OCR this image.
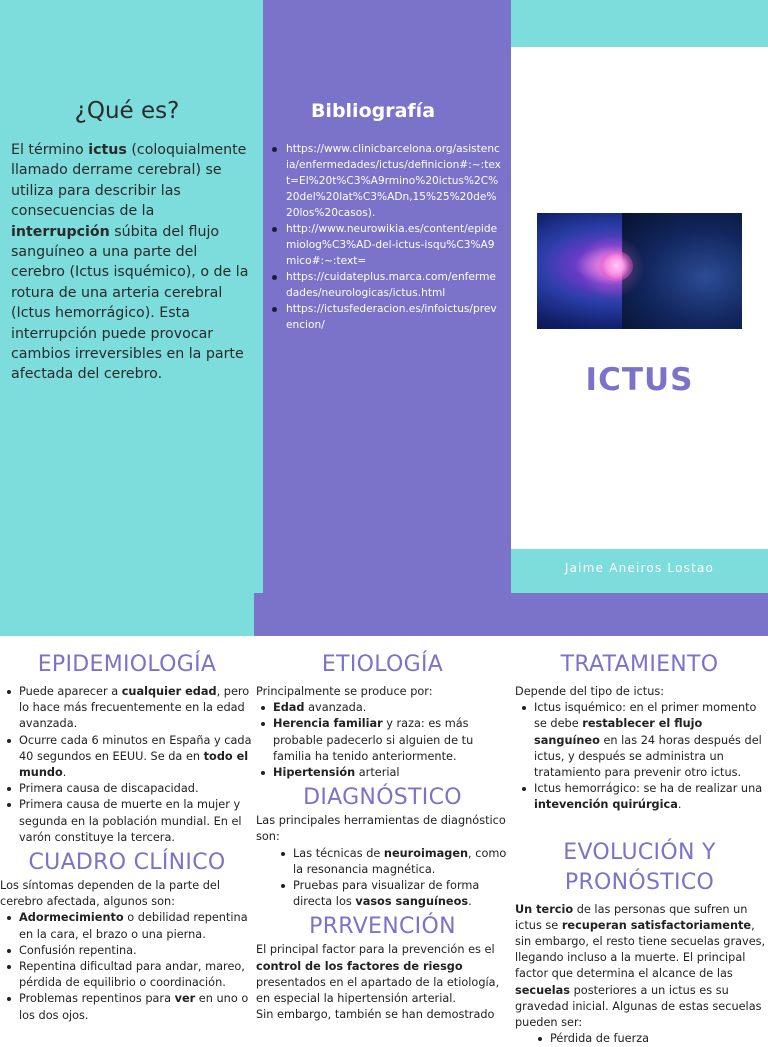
¿Qué es?

El término ictus (coloquialmente llamado derrame cerebral) se utiliza para describir las consecuencias de la interrupción súbita del flujo sanguíneo a una parte del cerebro (Ictus isquémico), o de la rotura de una arteria cerebral (Ictus hemorrágico). Esta interrupción puede provocar cambios irreversibles en la parte afectada del cerebro.

Bibliografía
https://www.clinicbarcelona.org/asistencia/enfermedades/ictus/definicion#:~:text=El%20t%C3%A9rmino%20ictus%2C%20del%20lat%C3%ADn,15%25%20de%20los%20casos).
http://www.neurowikia.es/content/epidemiolog%C3%AD-del-ictus-isqu%C3%A9mico#:~:text=
https://cuidateplus.marca.com/enfermedades/neurologicas/ictus.html
https://ictusfederacion.es/infoictus/prevencion/
ICTUS
Jaime Aneiros Lostao
EPIDEMIOLOGÍA
Puede aparecer a cualquier edad, pero lo hace más frecuentemente en la edad avanzada.
Ocurre cada 6 minutos en España y cada 40 segundos en EEUU. Se da en todo el mundo.
Primera causa de discapacidad.
Primera causa de muerte en la mujer y segunda en la población mundial. En el varón constituye la tercera.
CUADRO CLÍNICO

Los síntomas dependen de la parte del cerebro afectada, algunos son:

Adormecimiento o debilidad repentina en la cara, el brazo o una pierna.
Confusión repentina.
Repentina dificultad para andar, mareo, pérdida de equilibrio o coordinación.
Problemas repentinos para ver en uno o los dos ojos.
ETIOLOGÍA

Principalmente se produce por:

Edad avanzada.
Herencia familiar y raza: es más probable padecerlo si alguien de tu familia ha tenido anteriormente.
Hipertensión arterial
DIAGNÓSTICO

Las principales herramientas de diagnóstico son:

Las técnicas de neuroimagen, como la resonancia magnética.
Pruebas para visualizar de forma directa los vasos sanguíneos.
PRRVENCIÓN

El principal factor para la prevención es el control de los factores de riesgo presentados en el apartado de la etiología, en especial la hipertensión arterial.

Sin embargo, también se han demostrado

TRATAMIENTO

Depende del tipo de ictus:

Ictus isquémico: en el primer momento se debe restablecer el flujo sanguíneo en las 24 horas después del ictus, y después se administra un tratamiento para prevenir otro ictus.
Ictus hemorrágico: se ha de realizar una intevención quirúrgica.
EVOLUCIÓN Y PRONÓSTICO

Un tercio de las personas que sufren un ictus se recuperan satisfactoriamente, sin embargo, el resto tiene secuelas graves, llegando incluso a la muerte. El principal factor que determina el alcance de las secuelas posteriores a un ictus es su gravedad inicial. Algunas de estas secuelas pueden ser:

Pérdida de fuerza
